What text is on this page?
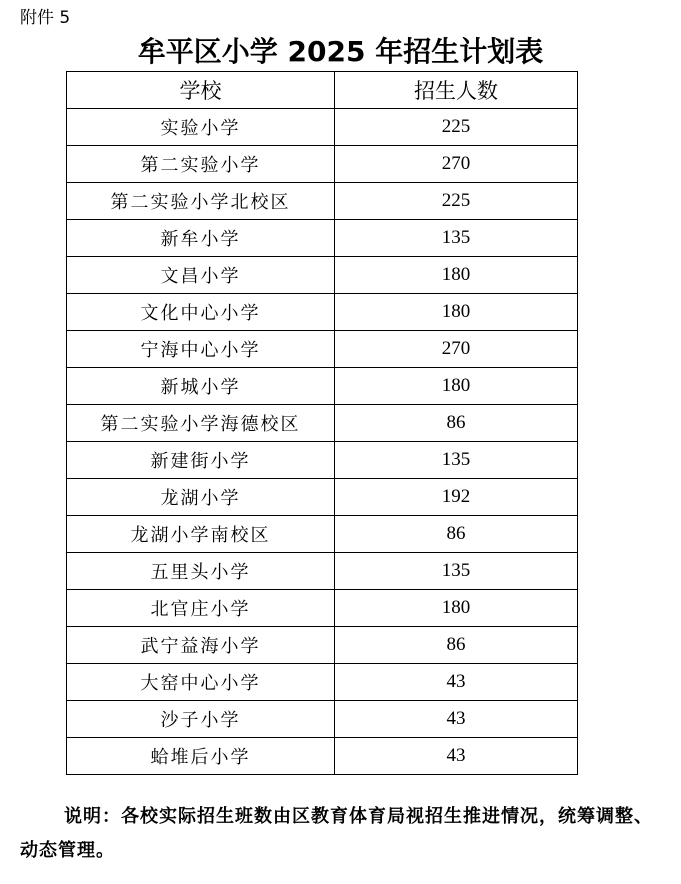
附件 5
牟平区小学 2025 年招生计划表
学校	招生人数
实验小学	225
第二实验小学	270
第二实验小学北校区	225
新牟小学	135
文昌小学	180
文化中心小学	180
宁海中心小学	270
新城小学	180
第二实验小学海德校区	86
新建街小学	135
龙湖小学	192
龙湖小学南校区	86
五里头小学	135
北官庄小学	180
武宁益海小学	86
大窑中心小学	43
沙子小学	43
蛤堆后小学	43
说明：各校实际招生班数由区教育体育局视招生推进情况，统筹调整、动态管理。
